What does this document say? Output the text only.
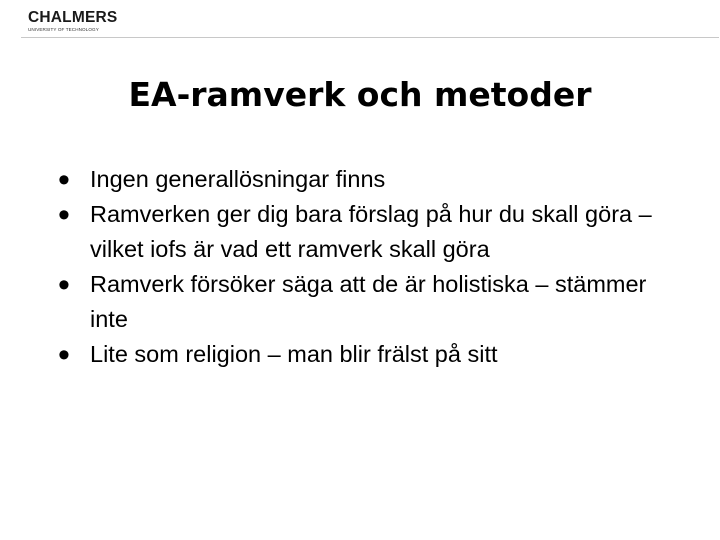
CHALMERS
UNIVERSITY OF TECHNOLOGY
EA-ramverk och metoder
• Ingen generallösningar finns
• Ramverken ger dig bara förslag på hur du skall göra – vilket iofs är vad ett ramverk skall göra
• Ramverk försöker säga att de är holistiska – stämmer inte
• Lite som religion – man blir frälst på sitt
